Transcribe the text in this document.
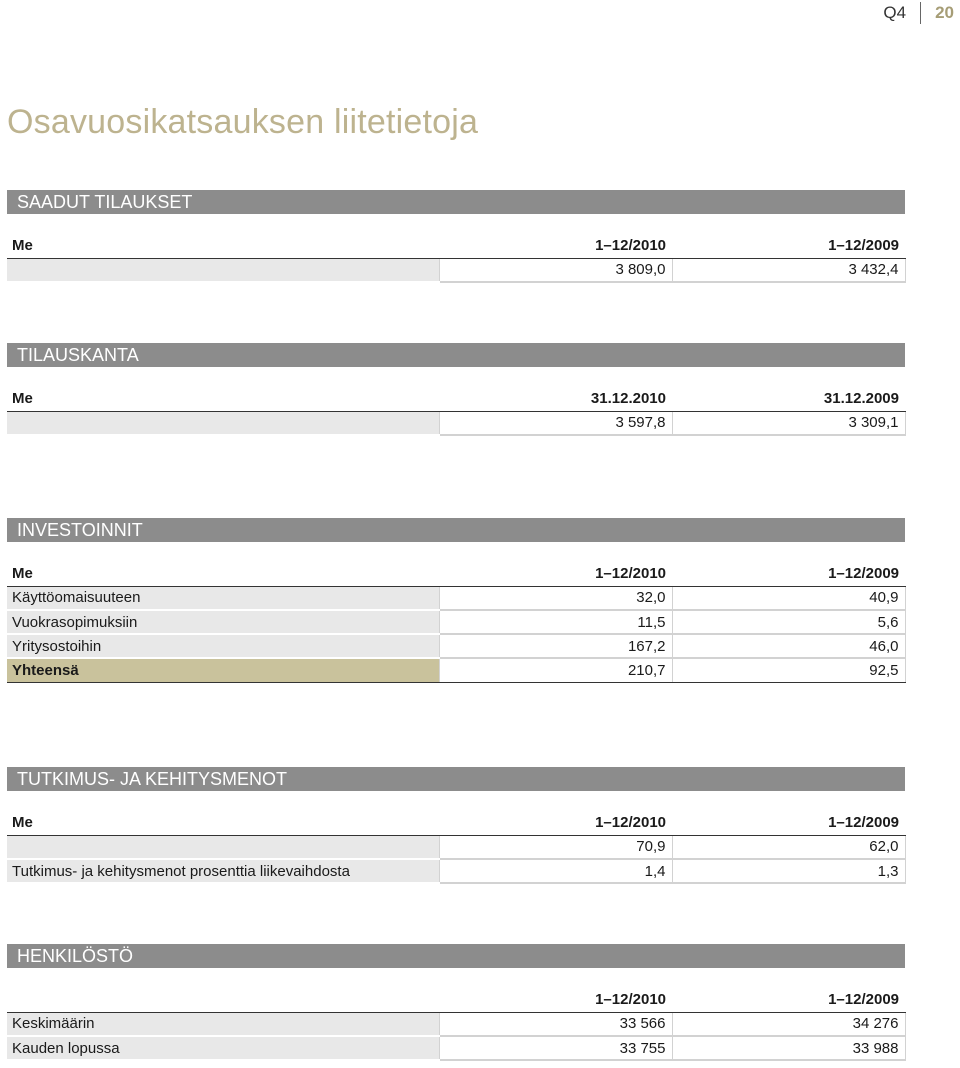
Q4	20
Osavuosikatsauksen liitetietoja
SAADUT TILAUKSET
Me	1–12/2010	1–12/2009
	3 809,0	3 432,4
TILAUSKANTA
Me	31.12.2010	31.12.2009
	3 597,8	3 309,1
INVESTOINNIT
Me	1–12/2010	1–12/2009
Käyttöomaisuuteen	32,0	40,9
Vuokrasopimuksiin	11,5	5,6
Yritysostoihin	167,2	46,0
Yhteensä	210,7	92,5
TUTKIMUS- JA KEHITYSMENOT
Me	1–12/2010	1–12/2009
	70,9	62,0
Tutkimus- ja kehitysmenot prosenttia liikevaihdosta	1,4	1,3
HENKILÖSTÖ
	1–12/2010	1–12/2009
Keskimäärin	33 566	34 276
Kauden lopussa	33 755	33 988
